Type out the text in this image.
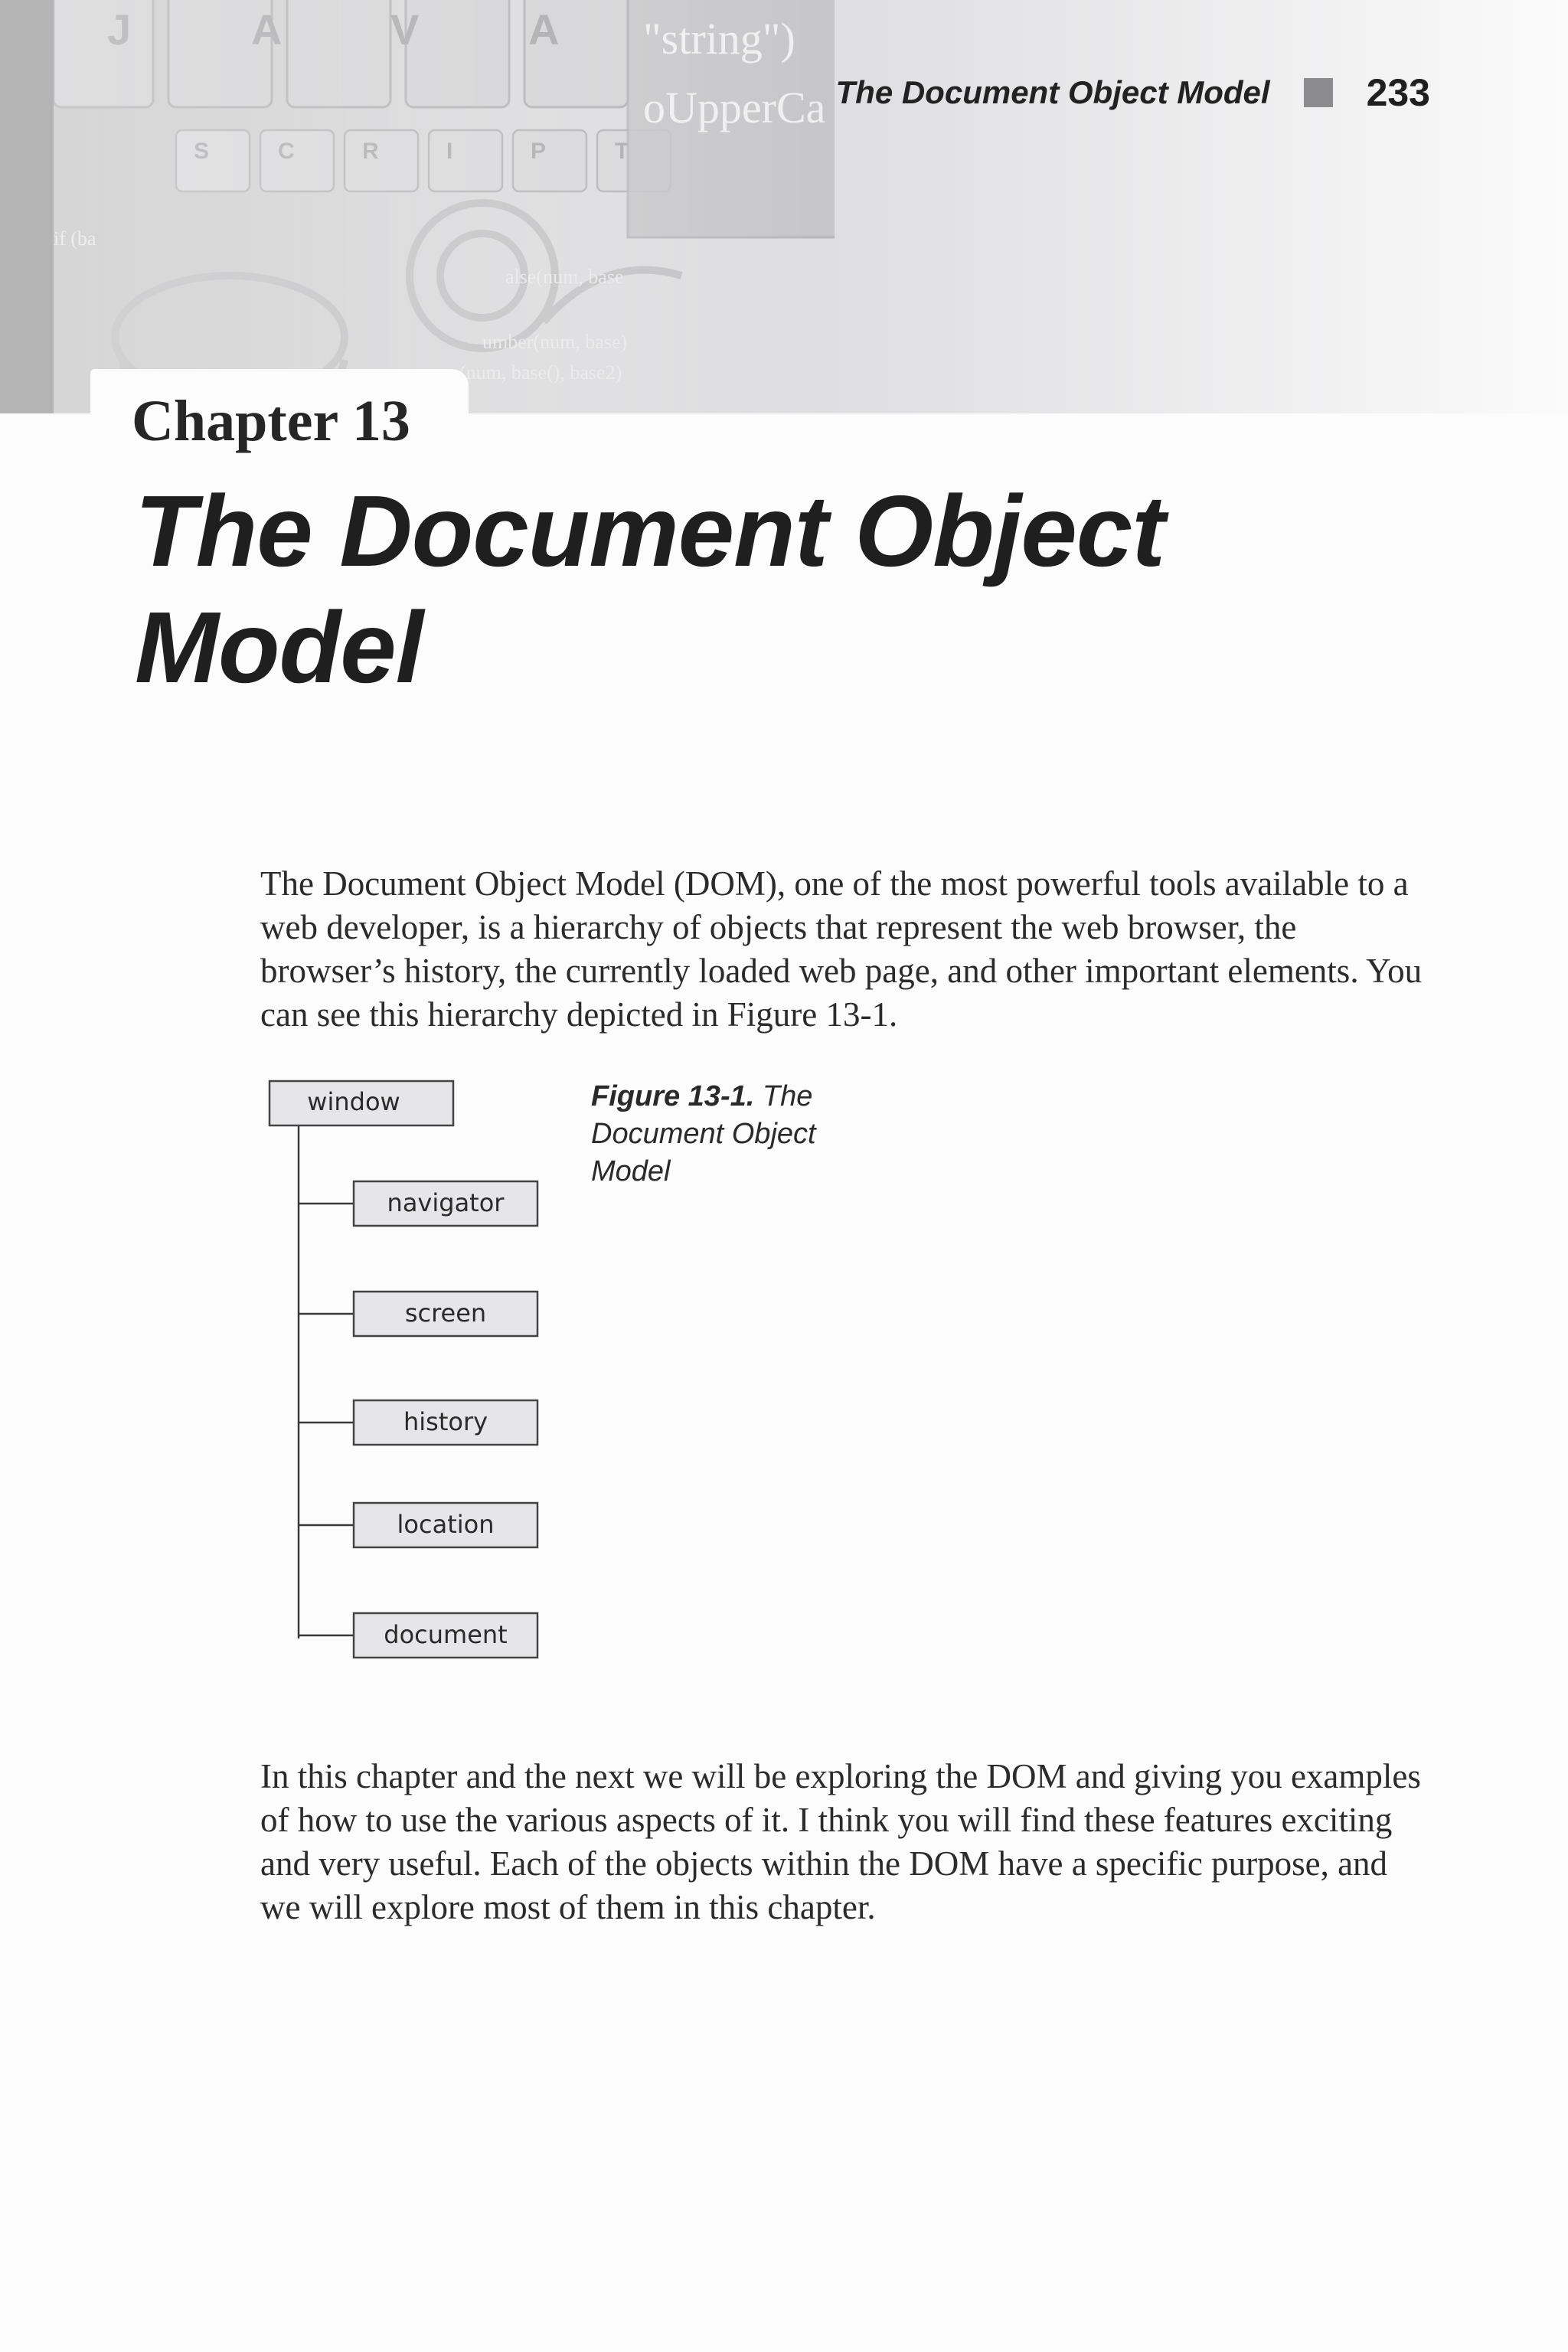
The Document Object Model	233
Chapter 13
The Document Object Model

The Document Object Model (DOM), one of the most powerful tools available to a web developer, is a hierarchy of objects that represent the web browser, the browser’s history, the currently loaded web page, and other important elements. You can see this hierarchy depicted in Figure 13-1.

window
navigator
screen
history
location
document

Figure 13-1. The Document Object Model

In this chapter and the next we will be exploring the DOM and giving you examples of how to use the various aspects of it. I think you will find these features exciting and very useful. Each of the objects within the DOM have a specific purpose, and we will explore most of them in this chapter.
